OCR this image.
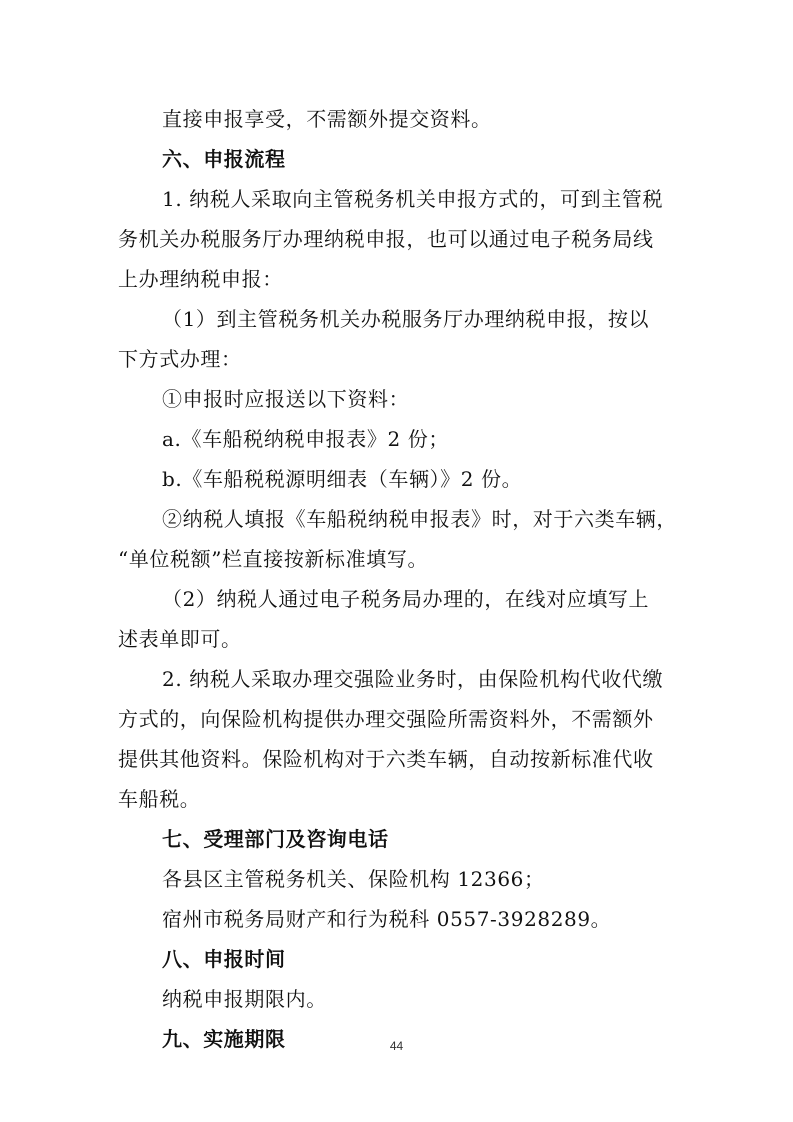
直接申报享受，不需额外提交资料。
六、申报流程
1. 纳税人采取向主管税务机关申报方式的，可到主管税
务机关办税服务厅办理纳税申报，也可以通过电子税务局线
上办理纳税申报：
（1）到主管税务机关办税服务厅办理纳税申报，按以
下方式办理：
①申报时应报送以下资料：
a.《车船税纳税申报表》2 份；
b.《车船税税源明细表（车辆）》2 份。
②纳税人填报《车船税纳税申报表》时，对于六类车辆，
“单位税额”栏直接按新标准填写。
（2）纳税人通过电子税务局办理的，在线对应填写上
述表单即可。
2. 纳税人采取办理交强险业务时，由保险机构代收代缴
方式的，向保险机构提供办理交强险所需资料外，不需额外
提供其他资料。保险机构对于六类车辆，自动按新标准代收
车船税。
七、受理部门及咨询电话
各县区主管税务机关、保险机构 12366；
宿州市税务局财产和行为税科 0557-3928289。
八、申报时间
纳税申报期限内。
九、实施期限	44
